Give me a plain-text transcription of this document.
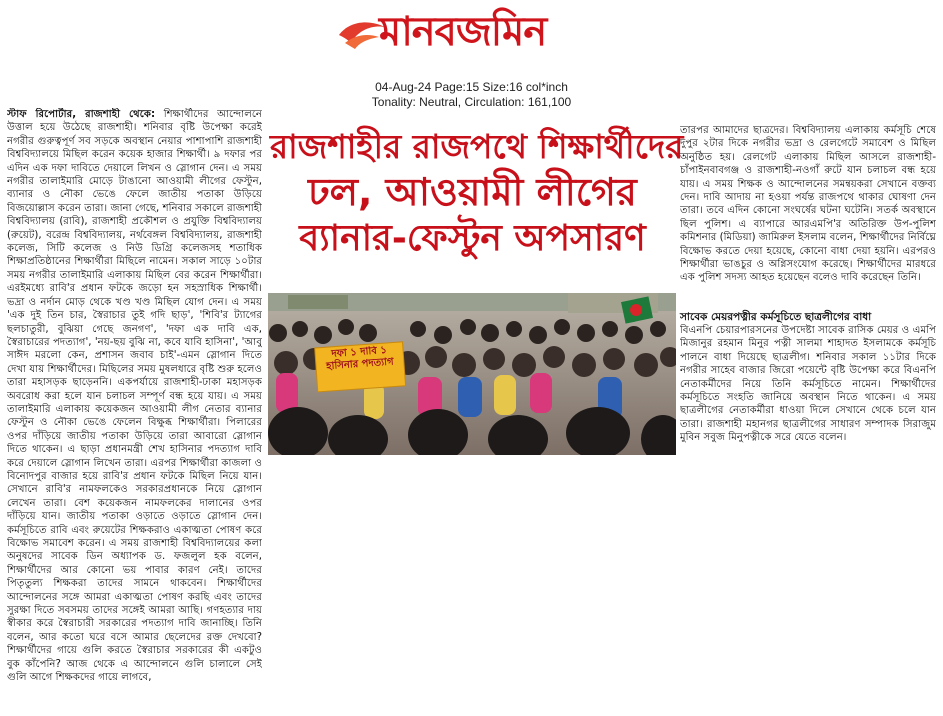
মানবজমিন
04-Aug-24 Page:15 Size:16 col*inch
Tonality: Neutral, Circulation: 161,100

স্টাফ রিপোর্টার, রাজশাহী থেকে: শিক্ষার্থীদের আন্দোলনে উত্তাল হয়ে উঠেছে রাজশাহী। শনিবার বৃষ্টি উপেক্ষা করেই নগরীর গুরুত্বপূর্ণ সব সড়কে অবস্থান নেয়ার পাশাপাশি রাজশাহী বিশ্ববিদ্যালয়ে মিছিল করেন কয়েক হাজার শিক্ষার্থী। ৯ দফার পর এদিন এক দফা দাবিতে দেয়ালে লিখন ও স্লোগান দেন। এ সময় নগরীর তালাইমারি মোড়ে টাঙানো আওয়ামী লীগের ফেস্টুন, ব্যানার ও নৌকা ভেঙে ফেলে জাতীয় পতাকা উড়িয়ে বিজয়োল্লাস করেন তারা। জানা গেছে, শনিবার সকালে রাজশাহী বিশ্ববিদ্যালয় (রাবি), রাজশাহী প্রকৌশল ও প্রযুক্তি বিশ্ববিদ্যালয় (রুয়েট), বরেন্দ্র বিশ্ববিদ্যালয়, নর্থবেঙ্গল বিশ্ববিদ্যালয়, রাজশাহী কলেজ, সিটি কলেজ ও নিউ ডিগ্রি কলেজসহ শতাধিক শিক্ষাপ্রতিষ্ঠানের শিক্ষার্থীরা মিছিলে নামেন। সকাল সাড়ে ১০টার সময় নগরীর তালাইমারি এলাকায় মিছিল বের করেন শিক্ষার্থীরা। এরইমধ্যে রাবি'র প্রধান ফটকে জড়ো হন সহস্রাধিক শিক্ষার্থী। ভদ্রা ও নর্দান মোড় থেকে খণ্ড খণ্ড মিছিল যোগ দেন। এ সময় 'এক দুই তিন চার, স্বৈরাচার তুই গদি ছাড়', 'শিবি'র ট্যাগের ছলচাতুরী, বুঝিয়া গেছে জনগণ', 'দফা এক দাবি এক, স্বৈরাচারের পদত্যাগ', 'নয়-ছয় বুঝি না, কবে যাবি হাসিনা', 'আবু সাঈদ মরলো কেন, প্রশাসন জবাব চাই'-এমন স্লোগান দিতে দেখা যায় শিক্ষার্থীদের। মিছিলের সময় মুষলধারে বৃষ্টি শুরু হলেও তারা মহাসড়ক ছাড়েননি। একপর্যায়ে রাজশাহী-ঢাকা মহাসড়ক অবরোধ করা হলে যান চলাচল সম্পূর্ণ বন্ধ হয়ে যায়। এ সময় তালাইমারি এলাকায় কয়েকজন আওয়ামী লীগ নেতার ব্যানার ফেস্টুন ও নৌকা ভেঙে ফেলেন বিক্ষুব্ধ শিক্ষার্থীরা। পিলারের ওপর দাঁড়িয়ে জাতীয় পতাকা উড়িয়ে তারা আবারো স্লোগান দিতে থাকেন। এ ছাড়া প্রধানমন্ত্রী শেখ হাসিনার পদত্যাগ দাবি করে দেয়ালে স্লোগান লিখেন তারা। এরপর শিক্ষার্থীরা কাজলা ও বিনোদপুর বাজার হয়ে রাবি'র প্রধান ফটকে মিছিল নিয়ে যান। সেখানে রাবি'র নামফলকেও সরকারপ্রধানকে নিয়ে স্লোগান লেখেন তারা। বেশ কয়েকজন নামফলকের দালানের ওপর দাঁড়িয়ে যান। জাতীয় পতাকা ওড়াতে ওড়াতে স্লোগান দেন। কর্মসূচিতে রাবি এবং রুয়েটের শিক্ষকরাও একাত্মতা পোষণ করে বিক্ষোভ সমাবেশ করেন। এ সময় রাজশাহী বিশ্ববিদ্যালয়ের কলা অনুষদের সাবেক ডিন অধ্যাপক ড. ফজলুল হক বলেন, শিক্ষার্থীদের আর কোনো ভয় পাবার কারণ নেই। তাদের পিতৃতুল্য শিক্ষকরা তাদের সামনে থাকবেন। শিক্ষার্থীদের আন্দোলনের সঙ্গে আমরা একাত্মতা পোষণ করছি এবং তাদের সুরক্ষা দিতে সবসময় তাদের সঙ্গেই আমরা আছি। গণহত্যার দায় স্বীকার করে স্বৈরাচারী সরকারের পদত্যাগ দাবি জানাচ্ছি। তিনি বলেন, আর কতো ঘরে বসে আমার ছেলেদের রক্ত দেখবো? শিক্ষার্থীদের গায়ে গুলি করতে স্বৈরাচার সরকারের কী একটুও বুক কাঁপেনি? আজ থেকে এ আন্দোলনে গুলি চালালে সেই গুলি আগে শিক্ষকদের গায়ে লাগবে,

রাজশাহীর রাজপথে শিক্ষার্থীদের
ঢল, আওয়ামী লীগের
ব্যানার-ফেস্টুন অপসারণ

তারপর আমাদের ছাত্রদের। বিশ্ববিদ্যালয় এলাকায় কর্মসূচি শেষে দুপুর ২টার দিকে নগরীর ভদ্রা ও রেলগেটে সমাবেশ ও মিছিল অনুষ্ঠিত হয়। রেলগেট এলাকায় মিছিল আসলে রাজশাহী-চাঁপাইনবাবগঞ্জ ও রাজশাহী-নওগাঁ রুটে যান চলাচল বন্ধ হয়ে যায়। এ সময় শিক্ষক ও আন্দোলনের সমন্বয়করা সেখানে বক্তব্য দেন। দাবি আদায় না হওয়া পর্যন্ত রাজপথে থাকার ঘোষণা দেন তারা। তবে এদিন কোনো সংঘর্ষের ঘটনা ঘটেনি। সতর্ক অবস্থানে ছিল পুলিশ। এ ব্যাপারে আরএমপি'র অতিরিক্ত উপ-পুলিশ কমিশনার (মিডিয়া) জামিরুল ইসলাম বলেন, শিক্ষার্থীদের নির্বিঘ্নে বিক্ষোভ করতে দেয়া হয়েছে, কোনো বাধা দেয়া হয়নি। এরপরও শিক্ষার্থীরা ভাঙচুর ও অগ্নিসংযোগ করেছে। শিক্ষার্থীদের মারধরে এক পুলিশ সদস্য আহত হয়েছেন বলেও দাবি করেছেন তিনি।

দফা ১ দাবি ১ হাসিনার পদত্যাগ
সাবেক মেয়রপত্নীর কর্মসূচিতে ছাত্রলীগের বাধা

বিএনপি চেয়ারপারসনের উপদেষ্টা সাবেক রাসিক মেয়র ও এমপি মিজানুর রহমান মিনুর পত্নী সালমা শাহাদত ইসলামকে কর্মসূচি পালনে বাধা দিয়েছে ছাত্রলীগ। শনিবার সকাল ১১টার দিকে নগরীর সাহেব বাজার জিরো পয়েন্টে বৃষ্টি উপেক্ষা করে বিএনপি নেতাকর্মীদের নিয়ে তিনি কর্মসূচিতে নামেন। শিক্ষার্থীদের কর্মসূচিতে সংহতি জানিয়ে অবস্থান নিতে থাকেন। এ সময় ছাত্রলীগের নেতাকর্মীরা ধাওয়া দিলে সেখানে থেকে চলে যান তারা। রাজশাহী মহানগর ছাত্রলীগের সাধারণ সম্পাদক সিরাজুম মুবিন সবুজ মিনুপত্নীকে সরে যেতে বলেন।
